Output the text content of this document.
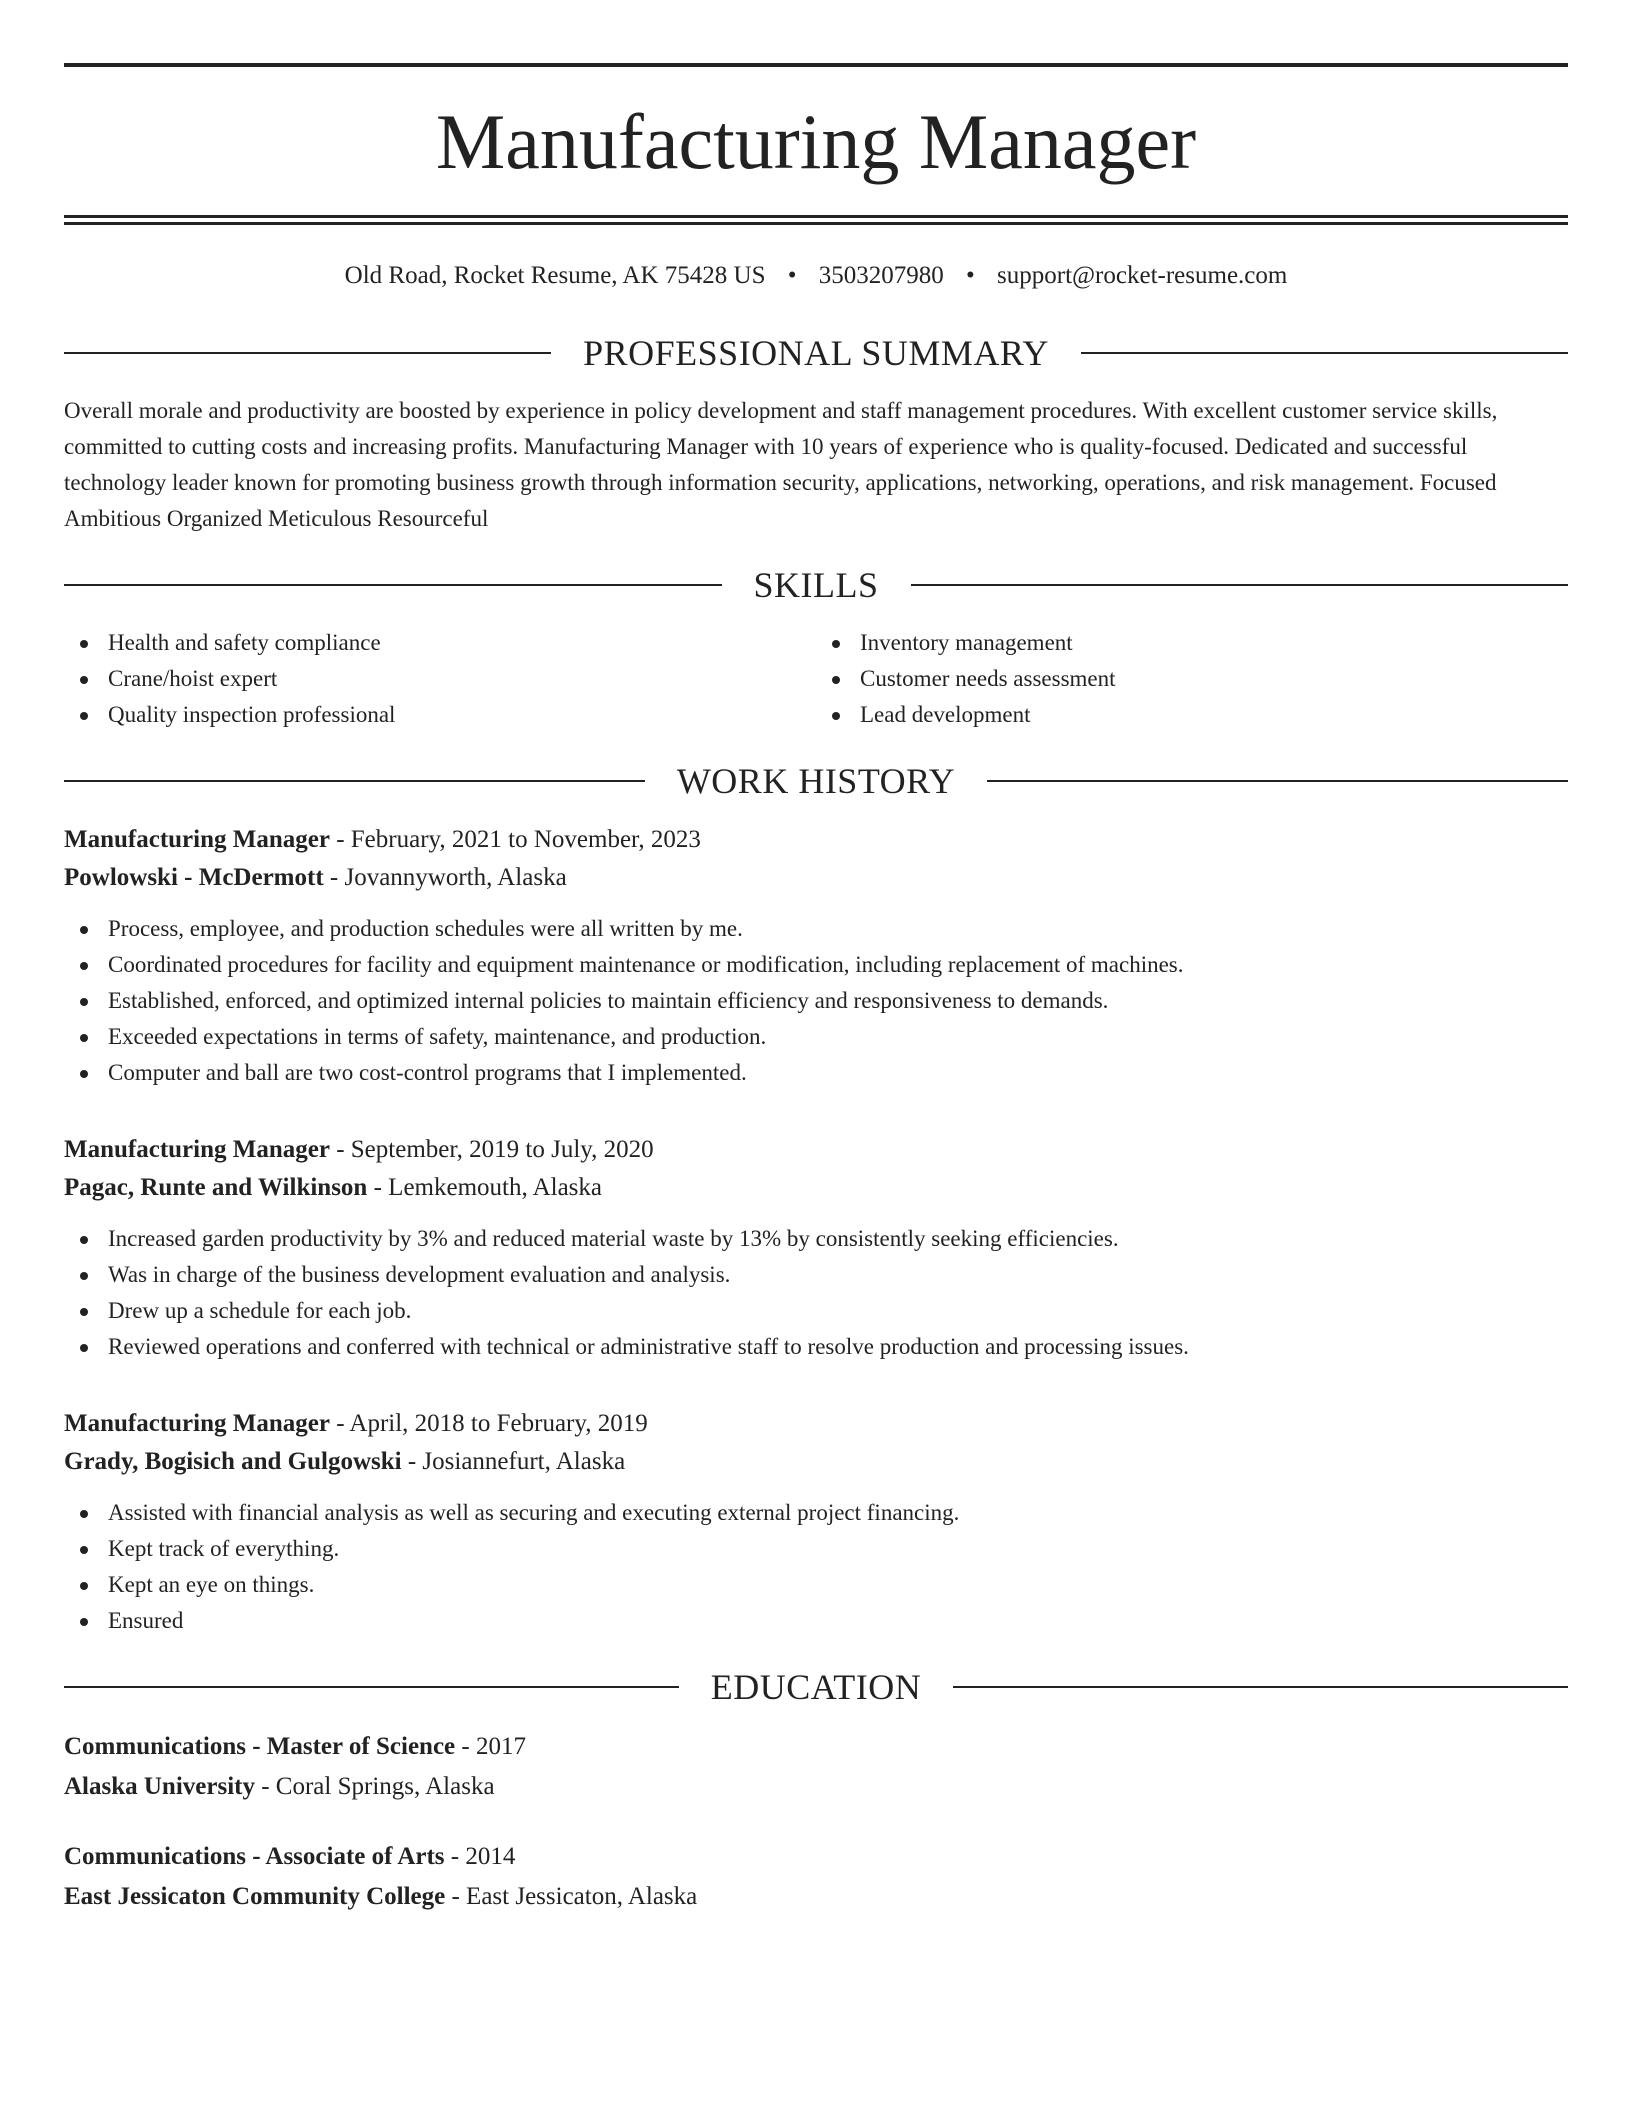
Manufacturing Manager
Old Road, Rocket Resume, AK 75428 US • 3503207980 • support@rocket-resume.com
PROFESSIONAL SUMMARY

Overall morale and productivity are boosted by experience in policy development and staff management procedures. With excellent customer service skills, committed to cutting costs and increasing profits. Manufacturing Manager with 10 years of experience who is quality-focused. Dedicated and successful technology leader known for promoting business growth through information security, applications, networking, operations, and risk management. Focused Ambitious Organized Meticulous Resourceful

SKILLS
Health and safety compliance
Crane/hoist expert
Quality inspection professional
Inventory management
Customer needs assessment
Lead development
WORK HISTORY
Manufacturing Manager - February, 2021 to November, 2023
Powlowski - McDermott - Jovannyworth, Alaska
Process, employee, and production schedules were all written by me.
Coordinated procedures for facility and equipment maintenance or modification, including replacement of machines.
Established, enforced, and optimized internal policies to maintain efficiency and responsiveness to demands.
Exceeded expectations in terms of safety, maintenance, and production.
Computer and ball are two cost-control programs that I implemented.
Manufacturing Manager - September, 2019 to July, 2020
Pagac, Runte and Wilkinson - Lemkemouth, Alaska
Increased garden productivity by 3% and reduced material waste by 13% by consistently seeking efficiencies.
Was in charge of the business development evaluation and analysis.
Drew up a schedule for each job.
Reviewed operations and conferred with technical or administrative staff to resolve production and processing issues.
Manufacturing Manager - April, 2018 to February, 2019
Grady, Bogisich and Gulgowski - Josiannefurt, Alaska
Assisted with financial analysis as well as securing and executing external project financing.
Kept track of everything.
Kept an eye on things.
Ensured
EDUCATION
Communications - Master of Science - 2017
Alaska University - Coral Springs, Alaska
Communications - Associate of Arts - 2014
East Jessicaton Community College - East Jessicaton, Alaska
